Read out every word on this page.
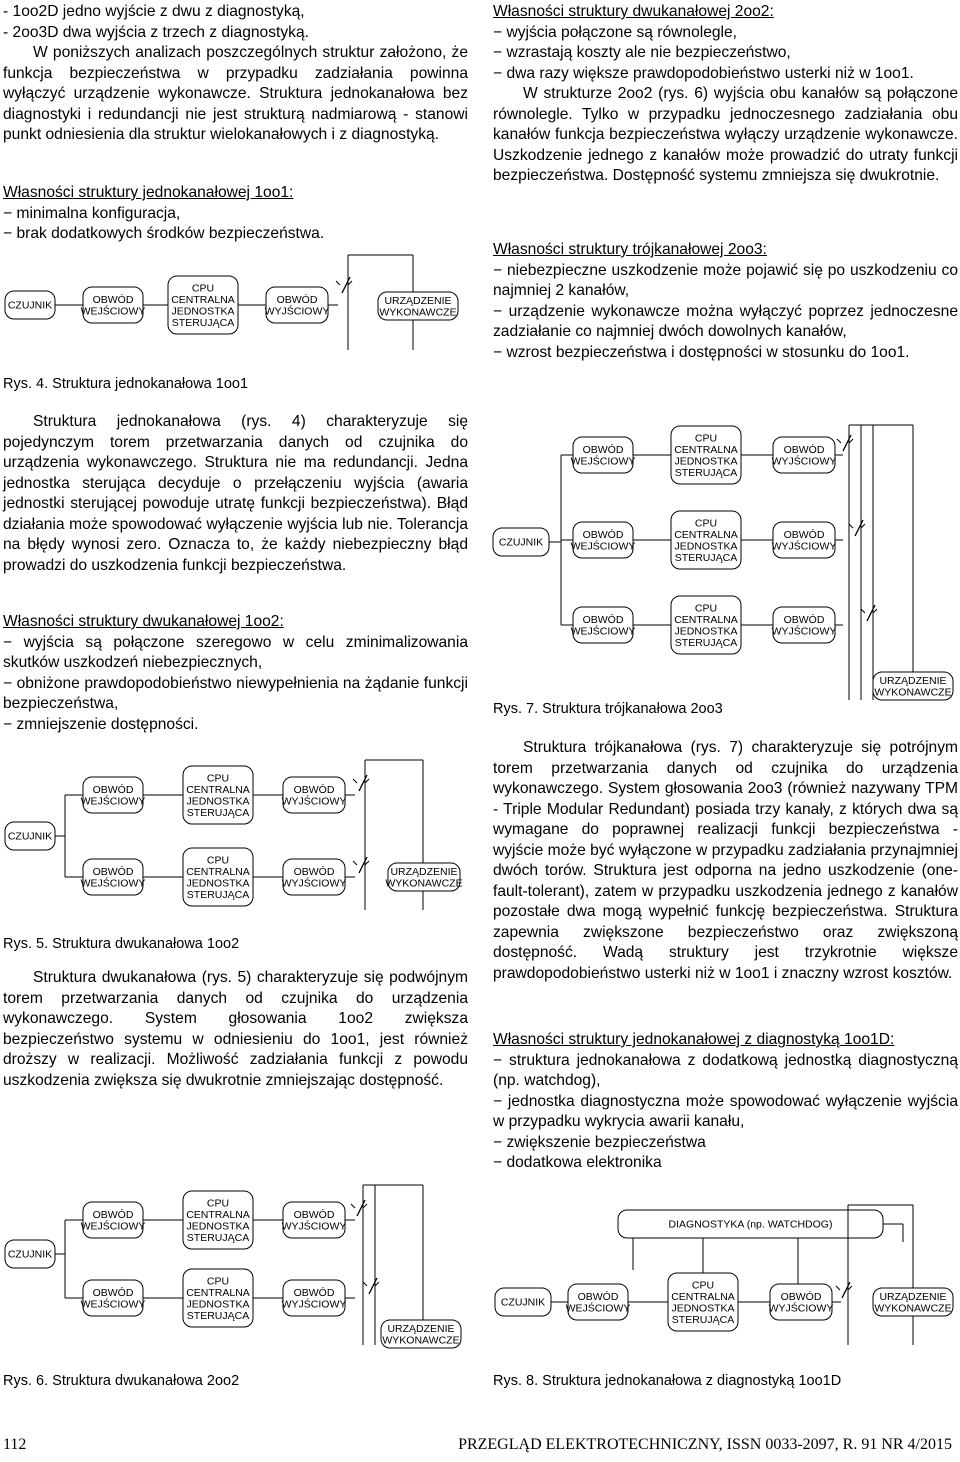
- 1oo2D jedno wyjście z dwu z diagnostyką,

- 2oo3D dwa wyjścia z trzech z diagnostyką.

W poniższych analizach poszczególnych struktur założono, że funkcja bezpieczeństwa w przypadku zadziałania powinna wyłączyć urządzenie wykonawcze. Struktura jednokanałowa bez diagnostyki i redundancji nie jest strukturą nadmiarową - stanowi punkt odniesienia dla struktur wielokanałowych i z diagnostyką.

Własności struktury jednokanałowej 1oo1:

− minimalna konfiguracja,

− brak dodatkowych środków bezpieczeństwa.

CZUJNIK	OBWÓD
WEJŚCIOWY
CPU
CENTRALNA
JEDNOSTKA
STERUJĄCA
OBWÓD
WYJŚCIOWY
URZĄDZENIE
WYKONAWCZE

Rys. 4. Struktura jednokanałowa 1oo1

Struktura jednokanałowa (rys. 4) charakteryzuje się pojedynczym torem przetwarzania danych od czujnika do urządzenia wykonawczego. Struktura nie ma redundancji. Jedna jednostka sterująca decyduje o przełączeniu wyjścia (awaria jednostki sterującej powoduje utratę funkcji bezpieczeństwa). Błąd działania może spowodować wyłączenie wyjścia lub nie. Tolerancja na błędy wynosi zero. Oznacza to, że każdy niebezpieczny błąd prowadzi do uszkodzenia funkcji bezpieczeństwa.

Własności struktury dwukanałowej 1oo2:

− wyjścia są połączone szeregowo w celu zminimalizowania skutków uszkodzeń niebezpiecznych,

− obniżone prawdopodobieństwo niewypełnienia na żądanie funkcji bezpieczeństwa,

− zmniejszenie dostępności.

CZUJNIK
OBWÓD
WEJŚCIOWY
CPU
CENTRALNA
JEDNOSTKA
STERUJĄCA
OBWÓD
WYJŚCIOWY
OBWÓD
WEJŚCIOWY
CPU
CENTRALNA
JEDNOSTKA
STERUJĄCA
OBWÓD
WYJŚCIOWY
URZĄDZENIE
WYKONAWCZE

Rys. 5. Struktura dwukanałowa 1oo2

Struktura dwukanałowa (rys. 5) charakteryzuje się podwójnym torem przetwarzania danych od czujnika do urządzenia wykonawczego. System głosowania 1oo2 zwiększa bezpieczeństwo systemu w odniesieniu do 1oo1, jest również droższy w realizacji. Możliwość zadziałania funkcji z powodu uszkodzenia zwiększa się dwukrotnie zmniejszając dostępność.

CZUJNIK
OBWÓD
WEJŚCIOWY
CPU
CENTRALNA
JEDNOSTKA
STERUJĄCA
OBWÓD
WYJŚCIOWY
OBWÓD
WEJŚCIOWY
CPU
CENTRALNA
JEDNOSTKA
STERUJĄCA
OBWÓD
WYJŚCIOWY
URZĄDZENIE
WYKONAWCZE

Rys. 6. Struktura dwukanałowa 2oo2

Własności struktury dwukanałowej 2oo2:

− wyjścia połączone są równolegle,

− wzrastają koszty ale nie bezpieczeństwo,

− dwa razy większe prawdopodobieństwo usterki niż w 1oo1.

W strukturze 2oo2 (rys. 6) wyjścia obu kanałów są połączone równolegle. Tylko w przypadku jednoczesnego zadziałania obu kanałów funkcja bezpieczeństwa wyłączy urządzenie wykonawcze. Uszkodzenie jednego z kanałów może prowadzić do utraty funkcji bezpieczeństwa. Dostępność systemu zmniejsza się dwukrotnie.

Własności struktury trójkanałowej 2oo3:

− niebezpieczne uszkodzenie może pojawić się po uszkodzeniu co najmniej 2 kanałów,

− urządzenie wykonawcze można wyłączyć poprzez jednoczesne zadziałanie co najmniej dwóch dowolnych kanałów,

− wzrost bezpieczeństwa i dostępności w stosunku do 1oo1.

CZUJNIK
OBWÓD
WEJŚCIOWY
CPU
CENTRALNA
JEDNOSTKA
STERUJĄCA
OBWÓD
WYJŚCIOWY
OBWÓD
WEJŚCIOWY
CPU
CENTRALNA
JEDNOSTKA
STERUJĄCA
OBWÓD
WYJŚCIOWY
OBWÓD
WEJŚCIOWY
CPU
CENTRALNA
JEDNOSTKA
STERUJĄCA
OBWÓD
WYJŚCIOWY
URZĄDZENIE
WYKONAWCZE

Rys. 7. Struktura trójkanałowa 2oo3

Struktura trójkanałowa (rys. 7) charakteryzuje się potrójnym torem przetwarzania danych od czujnika do urządzenia wykonawczego. System głosowania 2oo3 (również nazywany TPM - Triple Modular Redundant) posiada trzy kanały, z których dwa są wymagane do poprawnej realizacji funkcji bezpieczeństwa - wyjście może być wyłączone w przypadku zadziałania przynajmniej dwóch torów. Struktura jest odporna na jedno uszkodzenie (one-fault-tolerant), zatem w przypadku uszkodzenia jednego z kanałów pozostałe dwa mogą wypełnić funkcję bezpieczeństwa. Struktura zapewnia zwiększone bezpieczeństwo oraz zwiększoną dostępność. Wadą struktury jest trzykrotnie większe prawdopodobieństwo usterki niż w 1oo1 i znaczny wzrost kosztów.

Własności struktury jednokanałowej z diagnostyką 1oo1D:

− struktura jednokanałowa z dodatkową jednostką diagnostyczną (np. watchdog),

− jednostka diagnostyczna może spowodować wyłączenie wyjścia w przypadku wykrycia awarii kanału,

− zwiększenie bezpieczeństwa

− dodatkowa elektronika

DIAGNOSTYKA (np. WATCHDOG)
CZUJNIK	OBWÓD
WEJŚCIOWY
CPU
CENTRALNA
JEDNOSTKA
STERUJĄCA
OBWÓD
WYJŚCIOWY
URZĄDZENIE
WYKONAWCZE

Rys. 8. Struktura jednokanałowa z diagnostyką 1oo1D

112	PRZEGLĄD ELEKTROTECHNICZNY, ISSN 0033-2097, R. 91 NR 4/2015
